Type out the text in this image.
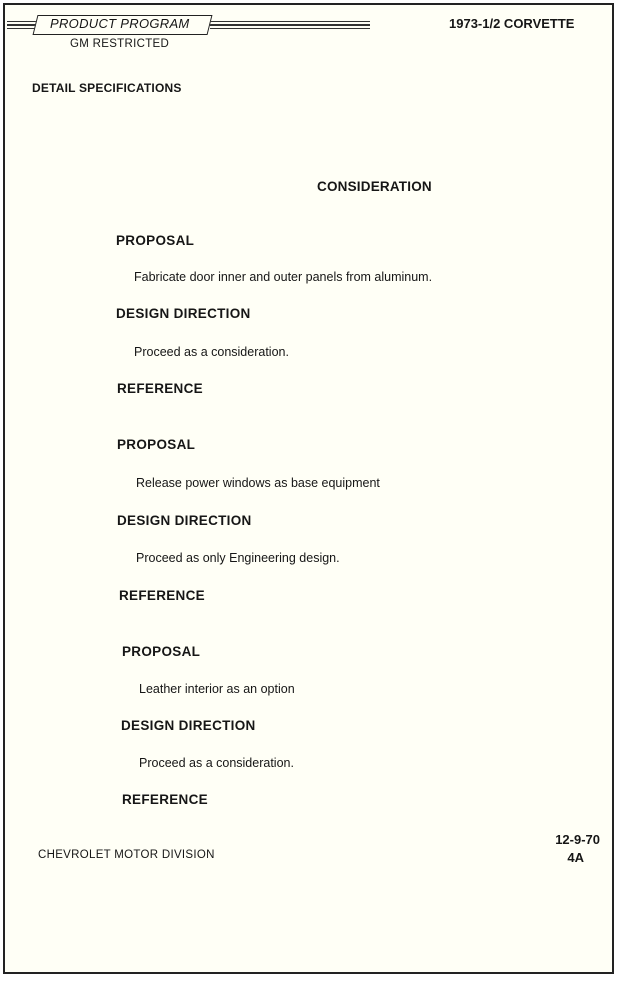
PRODUCT PROGRAM
GM RESTRICTED
1973-1/2 CORVETTE
DETAIL SPECIFICATIONS
CONSIDERATION
PROPOSAL
Fabricate door inner and outer panels from aluminum.
DESIGN DIRECTION
Proceed as a consideration.
REFERENCE
PROPOSAL
Release power windows as base equipment
DESIGN DIRECTION
Proceed as only Engineering design.
REFERENCE
PROPOSAL
Leather interior as an option
DESIGN DIRECTION
Proceed as a consideration.
REFERENCE
CHEVROLET MOTOR DIVISION
12-9-70
4A
